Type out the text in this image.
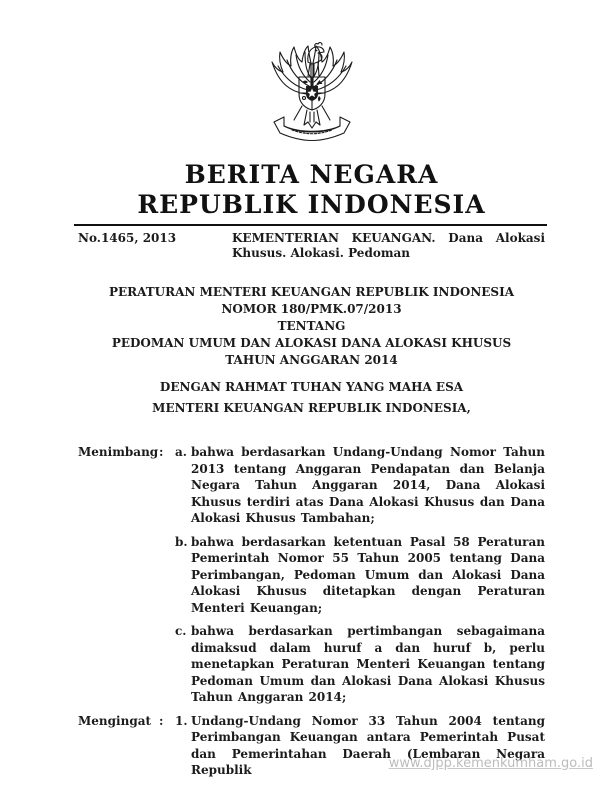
BERITA NEGARA
REPUBLIK INDONESIA
No.1465, 2013	KEMENTERIAN KEUANGAN. Dana Alokasi Khusus. Alokasi. Pedoman
PERATURAN MENTERI KEUANGAN REPUBLIK INDONESIA
NOMOR 180/PMK.07/2013
TENTANG
PEDOMAN UMUM DAN ALOKASI DANA ALOKASI KHUSUS
TAHUN ANGGARAN 2014
DENGAN RAHMAT TUHAN YANG MAHA ESA
MENTERI KEUANGAN REPUBLIK INDONESIA,
Menimbang : a. bahwa berdasarkan Undang-Undang Nomor Tahun 2013 tentang Anggaran Pendapatan dan Belanja Negara Tahun Anggaran 2014, Dana Alokasi Khusus terdiri atas Dana Alokasi Khusus dan Dana Alokasi Khusus Tambahan;
b. bahwa berdasarkan ketentuan Pasal 58 Peraturan Pemerintah Nomor 55 Tahun 2005 tentang Dana Perimbangan, Pedoman Umum dan Alokasi Dana Alokasi Khusus ditetapkan dengan Peraturan Menteri Keuangan;
c. bahwa berdasarkan pertimbangan sebagaimana dimaksud dalam huruf a dan huruf b, perlu menetapkan Peraturan Menteri Keuangan tentang Pedoman Umum dan Alokasi Dana Alokasi Khusus Tahun Anggaran 2014;
Mengingat : 1. Undang-Undang Nomor 33 Tahun 2004 tentang Perimbangan Keuangan antara Pemerintah Pusat dan Pemerintahan Daerah (Lembaran Negara Republik	www.djpp.kemenkumham.go.id
